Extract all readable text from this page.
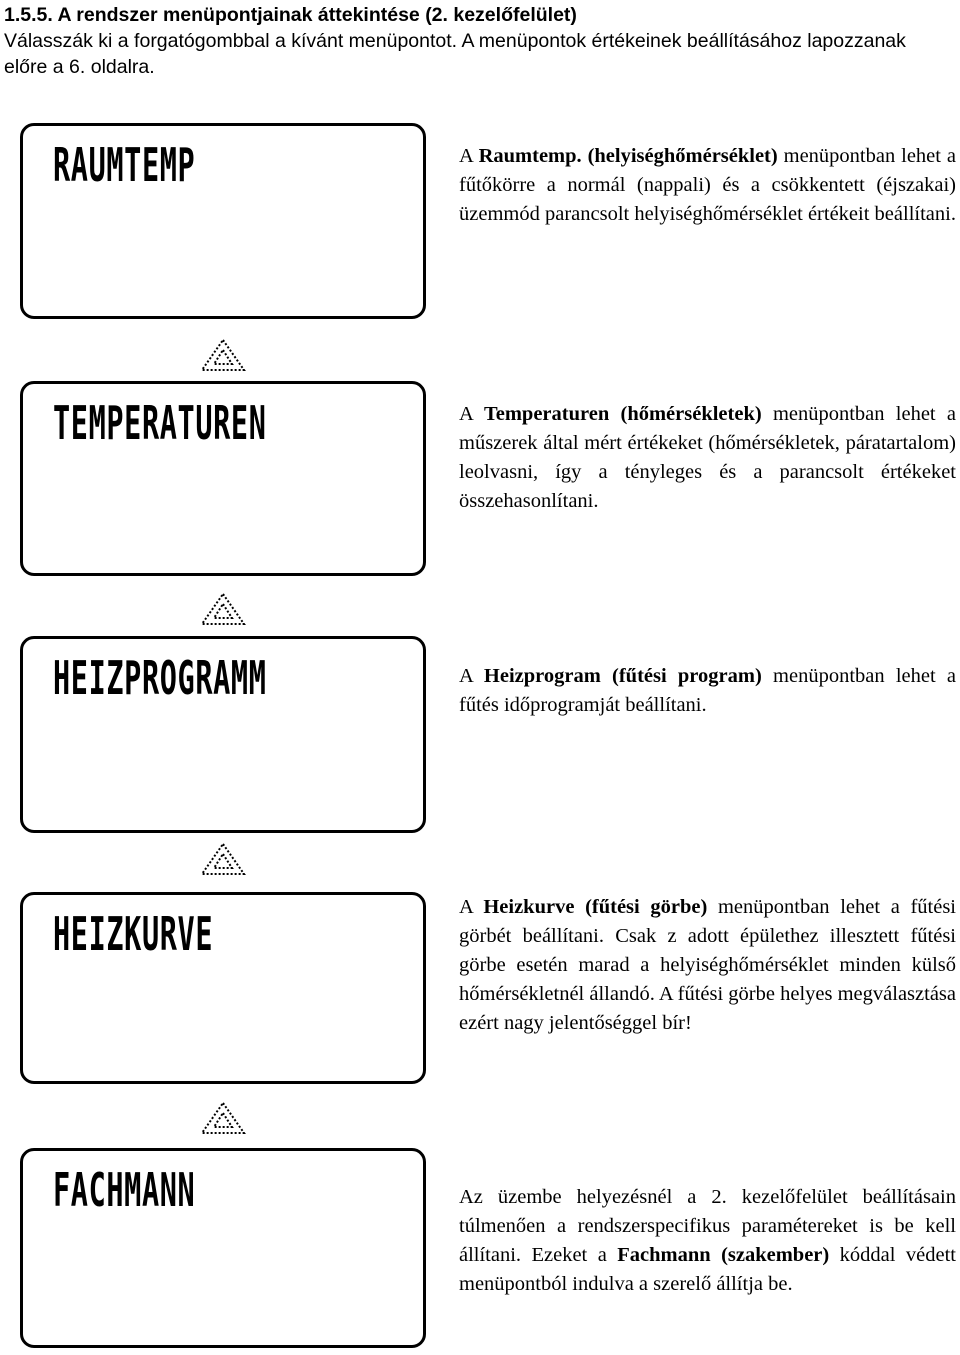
1.5.5. A rendszer menüpontjainak áttekintése (2. kezelőfelület)
Válasszák ki a forgatógombbal a kívánt menüpontot. A menüpontok értékeinek beállításához lapozzanak előre a 6. oldalra.
RAUMTEMP	A Raumtemp. (helyiséghőmérséklet) menüpontban lehet a fűtőkörre a normál (nappali) és a csökkentett (éjszakai) üzemmód parancsolt helyiséghőmérséklet értékeit beállítani.
TEMPERATUREN	A Temperaturen (hőmérsékletek) menüpontban lehet a műszerek által mért értékeket (hőmérsékletek, páratartalom) leolvasni, így a tényleges és a parancsolt értékeket összehasonlítani.
HEIZPROGRAMM	A Heizprogram (fűtési program) menüpontban lehet a fűtés időprogramját beállítani.
HEIZKURVE	A Heizkurve (fűtési görbe) menüpontban lehet a fűtési görbét beállítani. Csak z adott épülethez illesztett fűtési görbe esetén marad a helyiséghőmérséklet minden külső hőmérsékletnél állandó. A fűtési görbe helyes megválasztása ezért nagy jelentőséggel bír!
FACHMANN	Az üzembe helyezésnél a 2. kezelőfelület beállításain túlmenően a rendszerspecifikus paramétereket is be kell állítani. Ezeket a Fachmann (szakember) kóddal védett menüpontból indulva a szerelő állítja be.
